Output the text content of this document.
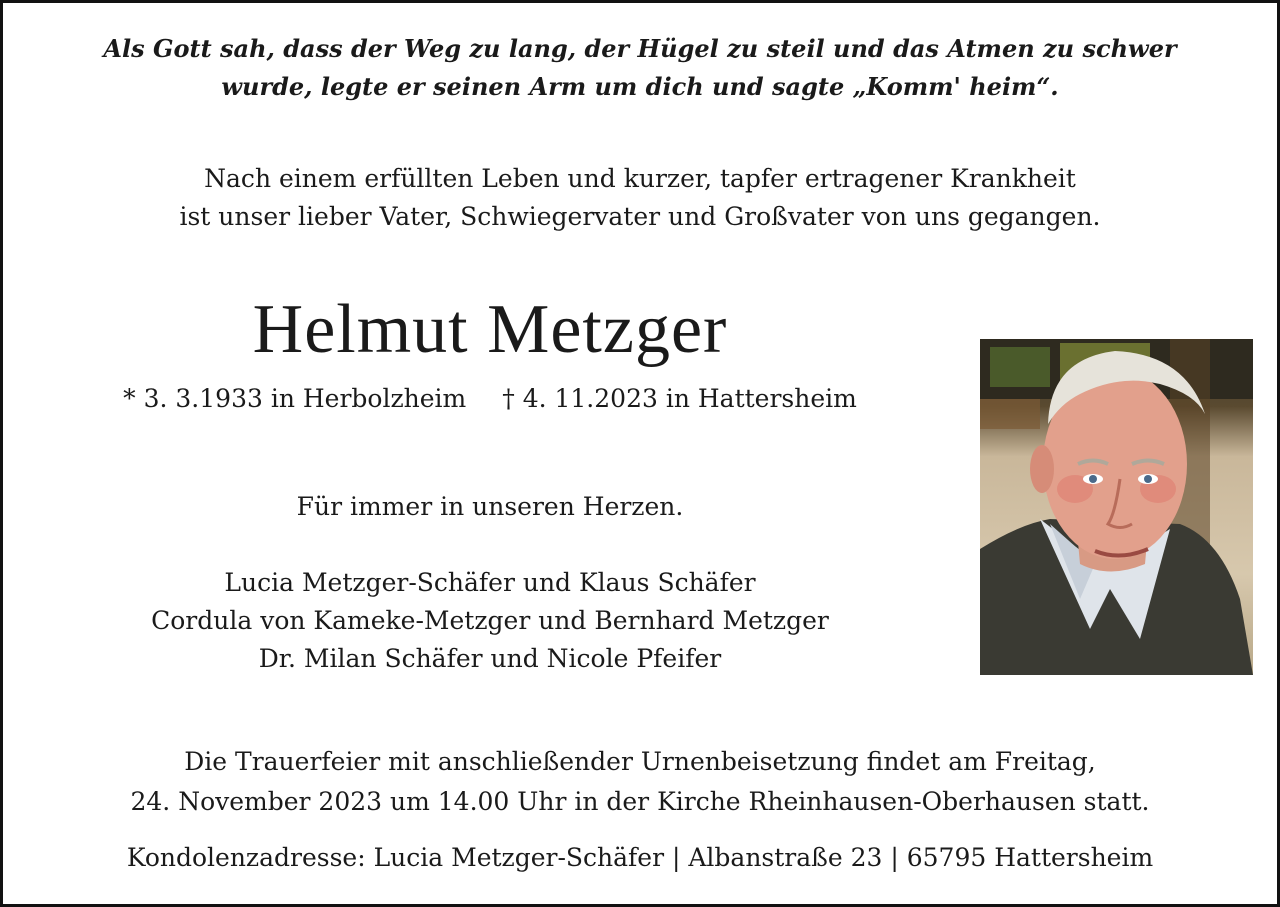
Als Gott sah, dass der Weg zu lang, der Hügel zu steil und das Atmen zu schwer
wurde, legte er seinen Arm um dich und sagte „Komm' heim“.
Nach einem erfüllten Leben und kurzer, tapfer ertragener Krankheit
ist unser lieber Vater, Schwiegervater und Großvater von uns gegangen.
Helmut Metzger
* 3. 3.1933 in Herbolzheim † 4. 11.2023 in Hattersheim
Für immer in unseren Herzen.
Lucia Metzger-Schäfer und Klaus Schäfer
Cordula von Kameke-Metzger und Bernhard Metzger
Dr. Milan Schäfer und Nicole Pfeifer
Die Trauerfeier mit anschließender Urnenbeisetzung findet am Freitag,
24. November 2023 um 14.00 Uhr in der Kirche Rheinhausen-Oberhausen statt.
Kondolenzadresse: Lucia Metzger-Schäfer | Albanstraße 23 | 65795 Hattersheim
